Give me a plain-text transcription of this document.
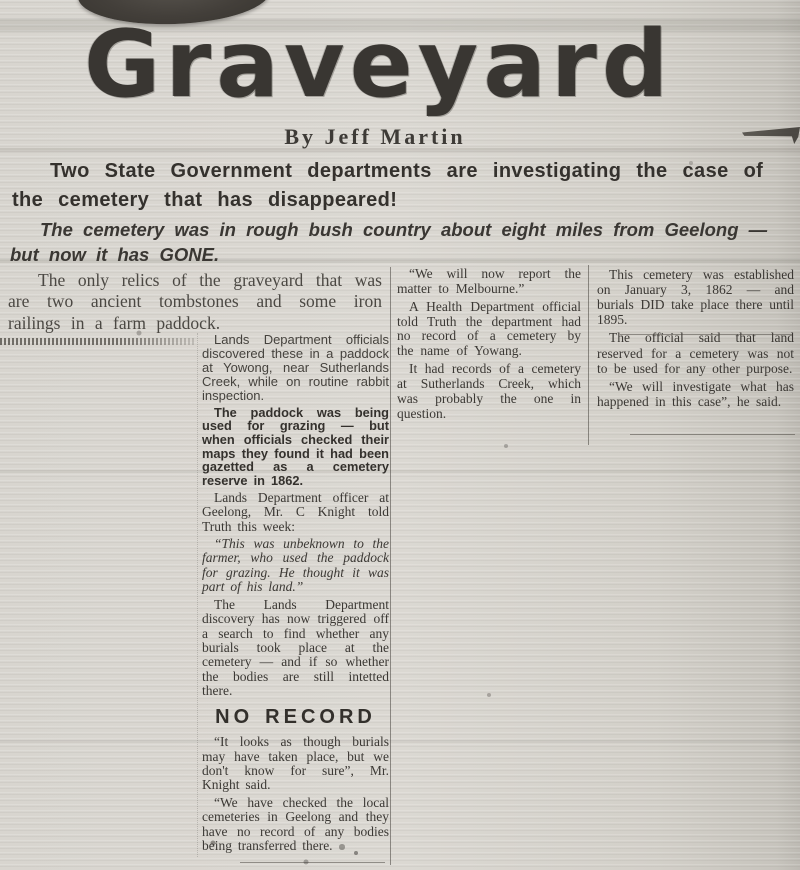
Graveyard
By Jeff Martin

Two State Government departments are investigating the case of the cemetery that has disappeared!

The cemetery was in rough bush country about eight miles from Geelong —but now it has GONE.

The only relics of the graveyard that was are two ancient tombstones and some iron railings in a farm paddock.

Lands Department officials discovered these in a paddock at Yowong, near Sutherlands Creek, while on routine rabbit inspection.

The paddock was being used for grazing — but when officials checked their maps they found it had been gazetted as a cemetery reserve in 1862.

Lands Department officer at Geelong, Mr. C Knight told Truth this week:

“This was unbeknown to the farmer, who used the paddock for grazing. He thought it was part of his land.”

The Lands Department discovery has now triggered off a search to find whether any burials took place at the cemetery — and if so whether the bodies are still intetted there.

NO RECORD

“It looks as though burials may have taken place, but we don't know for sure”, Mr. Knight said.

“We have checked the local cemeteries in Geelong and they have no record of any bodies being transferred there.

“We will now report the matter to Melbourne.”

A Health Department official told Truth the department had no record of a cemetery by the name of Yowang.

It had records of a cemetery at Sutherlands Creek, which was probably the one in question.

This cemetery was established on January 3, 1862 — and burials DID take place there until 1895.

The official said that land reserved for a cemetery was not to be used for any other purpose.

“We will investigate what has happened in this case”, he said.
